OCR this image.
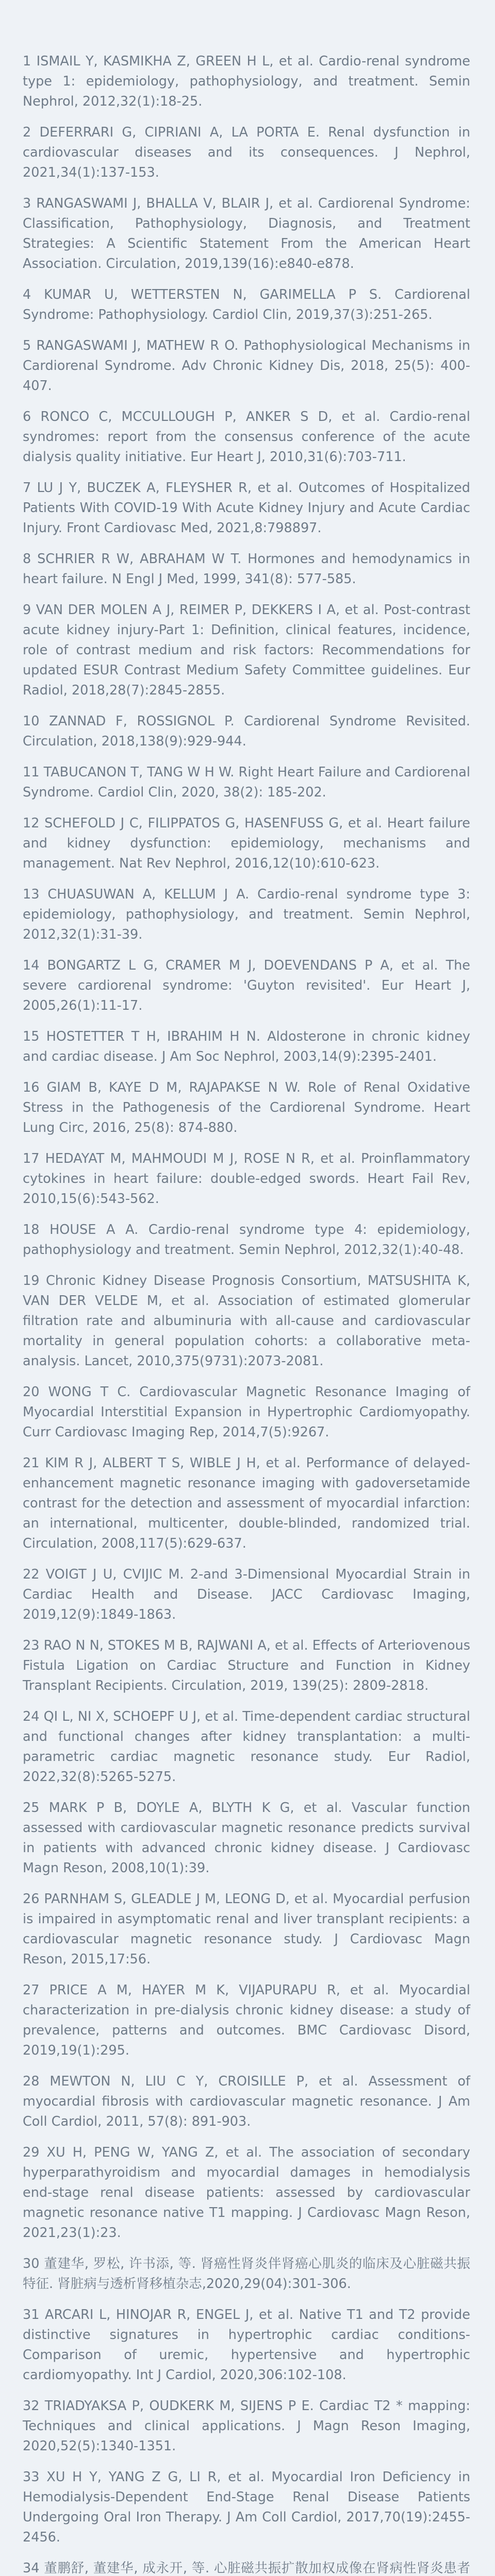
1 ISMAIL Y, KASMIKHA Z, GREEN H L, et al. Cardio-renal syndrome type 1: epidemiology, pathophysiology, and treatment. Semin Nephrol, 2012,32(1):18-25.
2 DEFERRARI G, CIPRIANI A, LA PORTA E. Renal dysfunction in cardiovascular diseases and its consequences. J Nephrol, 2021,34(1):137-153.
3 RANGASWAMI J, BHALLA V, BLAIR J, et al. Cardiorenal Syndrome: Classification, Pathophysiology, Diagnosis, and Treatment Strategies: A Scientific Statement From the American Heart Association. Circulation, 2019,139(16):e840-e878.
4 KUMAR U, WETTERSTEN N, GARIMELLA P S. Cardiorenal Syndrome: Pathophysiology. Cardiol Clin, 2019,37(3):251-265.
5 RANGASWAMI J, MATHEW R O. Pathophysiological Mechanisms in Cardiorenal Syndrome. Adv Chronic Kidney Dis, 2018, 25(5): 400-407.
6 RONCO C, MCCULLOUGH P, ANKER S D, et al. Cardio-renal syndromes: report from the consensus conference of the acute dialysis quality initiative. Eur Heart J, 2010,31(6):703-711.
7 LU J Y, BUCZEK A, FLEYSHER R, et al. Outcomes of Hospitalized Patients With COVID-19 With Acute Kidney Injury and Acute Cardiac Injury. Front Cardiovasc Med, 2021,8:798897.
8 SCHRIER R W, ABRAHAM W T. Hormones and hemodynamics in heart failure. N Engl J Med, 1999, 341(8): 577-585.
9 VAN DER MOLEN A J, REIMER P, DEKKERS I A, et al. Post-contrast acute kidney injury-Part 1: Definition, clinical features, incidence, role of contrast medium and risk factors: Recommendations for updated ESUR Contrast Medium Safety Committee guidelines. Eur Radiol, 2018,28(7):2845-2855.
10 ZANNAD F, ROSSIGNOL P. Cardiorenal Syndrome Revisited. Circulation, 2018,138(9):929-944.
11 TABUCANON T, TANG W H W. Right Heart Failure and Cardiorenal Syndrome. Cardiol Clin, 2020, 38(2): 185-202.
12 SCHEFOLD J C, FILIPPATOS G, HASENFUSS G, et al. Heart failure and kidney dysfunction: epidemiology, mechanisms and management. Nat Rev Nephrol, 2016,12(10):610-623.
13 CHUASUWAN A, KELLUM J A. Cardio-renal syndrome type 3: epidemiology, pathophysiology, and treatment. Semin Nephrol, 2012,32(1):31-39.
14 BONGARTZ L G, CRAMER M J, DOEVENDANS P A, et al. The severe cardiorenal syndrome: 'Guyton revisited'. Eur Heart J, 2005,26(1):11-17.
15 HOSTETTER T H, IBRAHIM H N. Aldosterone in chronic kidney and cardiac disease. J Am Soc Nephrol, 2003,14(9):2395-2401.
16 GIAM B, KAYE D M, RAJAPAKSE N W. Role of Renal Oxidative Stress in the Pathogenesis of the Cardiorenal Syndrome. Heart Lung Circ, 2016, 25(8): 874-880.
17 HEDAYAT M, MAHMOUDI M J, ROSE N R, et al. Proinflammatory cytokines in heart failure: double-edged swords. Heart Fail Rev, 2010,15(6):543-562.
18 HOUSE A A. Cardio-renal syndrome type 4: epidemiology, pathophysiology and treatment. Semin Nephrol, 2012,32(1):40-48.
19 Chronic Kidney Disease Prognosis Consortium, MATSUSHITA K, VAN DER VELDE M, et al. Association of estimated glomerular filtration rate and albuminuria with all-cause and cardiovascular mortality in general population cohorts: a collaborative meta-analysis. Lancet, 2010,375(9731):2073-2081.
20 WONG T C. Cardiovascular Magnetic Resonance Imaging of Myocardial Interstitial Expansion in Hypertrophic Cardiomyopathy. Curr Cardiovasc Imaging Rep, 2014,7(5):9267.
21 KIM R J, ALBERT T S, WIBLE J H, et al. Performance of delayed-enhancement magnetic resonance imaging with gadoversetamide contrast for the detection and assessment of myocardial infarction: an international, multicenter, double-blinded, randomized trial. Circulation, 2008,117(5):629-637.
22 VOIGT J U, CVIJIC M. 2-and 3-Dimensional Myocardial Strain in Cardiac Health and Disease. JACC Cardiovasc Imaging, 2019,12(9):1849-1863.
23 RAO N N, STOKES M B, RAJWANI A, et al. Effects of Arteriovenous Fistula Ligation on Cardiac Structure and Function in Kidney Transplant Recipients. Circulation, 2019, 139(25): 2809-2818.
24 QI L, NI X, SCHOEPF U J, et al. Time-dependent cardiac structural and functional changes after kidney transplantation: a multi-parametric cardiac magnetic resonance study. Eur Radiol, 2022,32(8):5265-5275.
25 MARK P B, DOYLE A, BLYTH K G, et al. Vascular function assessed with cardiovascular magnetic resonance predicts survival in patients with advanced chronic kidney disease. J Cardiovasc Magn Reson, 2008,10(1):39.
26 PARNHAM S, GLEADLE J M, LEONG D, et al. Myocardial perfusion is impaired in asymptomatic renal and liver transplant recipients: a cardiovascular magnetic resonance study. J Cardiovasc Magn Reson, 2015,17:56.
27 PRICE A M, HAYER M K, VIJAPURAPU R, et al. Myocardial characterization in pre-dialysis chronic kidney disease: a study of prevalence, patterns and outcomes. BMC Cardiovasc Disord, 2019,19(1):295.
28 MEWTON N, LIU C Y, CROISILLE P, et al. Assessment of myocardial fibrosis with cardiovascular magnetic resonance. J Am Coll Cardiol, 2011, 57(8): 891-903.
29 XU H, PENG W, YANG Z, et al. The association of secondary hyperparathyroidism and myocardial damages in hemodialysis end-stage renal disease patients: assessed by cardiovascular magnetic resonance native T1 mapping. J Cardiovasc Magn Reson, 2021,23(1):23.
30 董建华, 罗松, 许书添, 等. 肾癌性肾炎伴肾癌心肌炎的临床及心脏磁共振特征. 肾脏病与透析肾移植杂志,2020,29(04):301-306.
31 ARCARI L, HINOJAR R, ENGEL J, et al. Native T1 and T2 provide distinctive signatures in hypertrophic cardiac conditions-Comparison of uremic, hypertensive and hypertrophic cardiomyopathy. Int J Cardiol, 2020,306:102-108.
32 TRIADYAKSA P, OUDKERK M, SIJENS P E. Cardiac T2 * mapping: Techniques and clinical applications. J Magn Reson Imaging, 2020,52(5):1340-1351.
33 XU H Y, YANG Z G, LI R, et al. Myocardial Iron Deficiency in Hemodialysis-Dependent End-Stage Renal Disease Patients Undergoing Oral Iron Therapy. J Am Coll Cardiol, 2017,70(19):2455-2456.
34 董鹏舒, 董建华, 成永开, 等. 心脏磁共振扩散加权成像在肾病性肾炎患者
